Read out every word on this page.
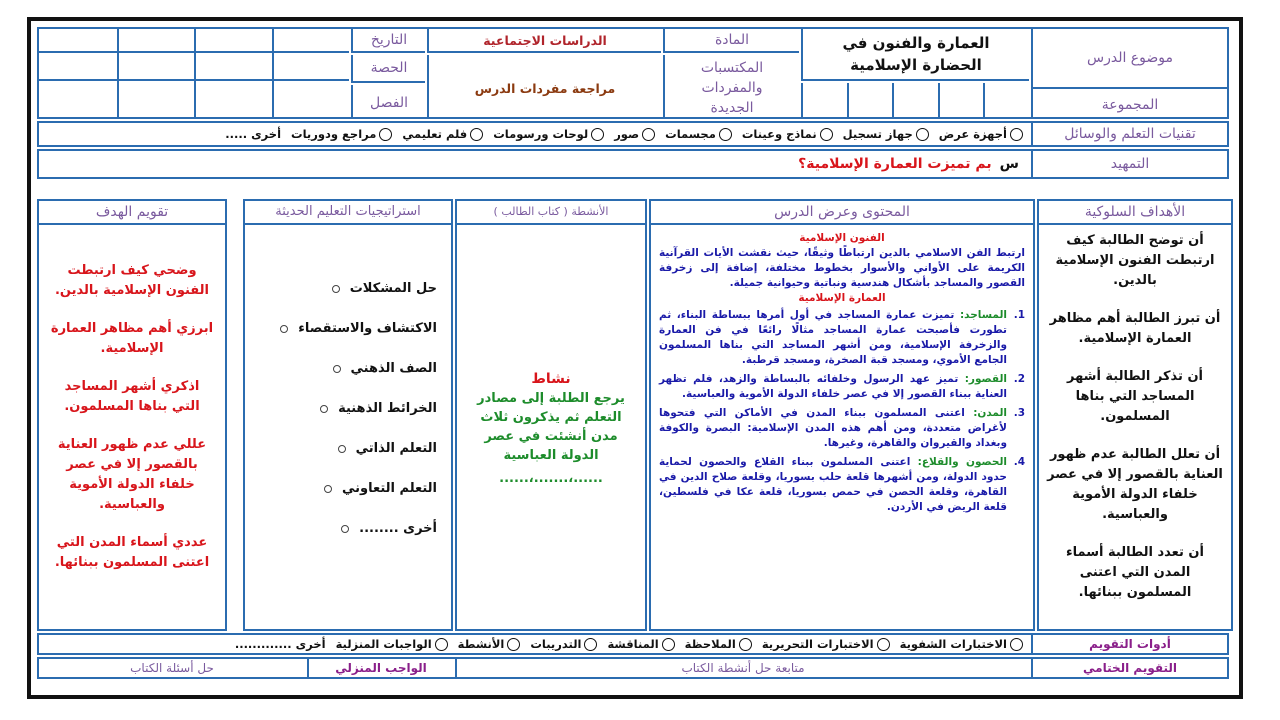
موضوع الدرس
المجموعة
العمارة والفنون في الحضارة الإسلامية
المادة
المكتسبات والمفردات الجديدة
الدراسات الاجتماعية
مراجعة مفردات الدرس
التاريخ
الحصة
الفصل
تقنيات التعلم والوسائل
أجهزة عرض
جهاز تسجيل
نماذج وعينات
مجسمات
صور
لوحات ورسومات
فلم تعليمي
مراجع ودوريات
أخرى .....
التمهيد
س
بم تميزت العمارة الإسلامية؟
الأهداف السلوكية

أن توضح الطالبة كيف ارتبطت الفنون الإسلامية بالدين.

أن تبرز الطالبة أهم مظاهر العمارة الإسلامية.

أن تذكر الطالبة أشهر المساجد التي بناها المسلمون.

أن تعلل الطالبة عدم ظهور العناية بالقصور إلا في عصر خلفاء الدولة الأموية والعباسية.

أن تعدد الطالبة أسماء المدن التي اعتنى المسلمون ببنائها.

المحتوى وعرض الدرس

الفنون الإسلامية

ارتبط الفن الاسلامي بالدين ارتباطًا وثيقًا، حيث نقشت الأيات القرآنية الكريمة على الأواني والأسوار بخطوط مختلفة، إضافة إلى زخرفة القصور والمساجد بأشكال هندسية ونباتية وحيوانية جميلة.

العمارة الإسلامية

1.

المساجد: تميزت عمارة المساجد في أول أمرها ببساطة البناء، ثم تطورت فأصبحت عمارة المساجد مثالًا رائعًا في فن العمارة والزخرفة الإسلامية، ومن أشهر المساجد التي بناها المسلمون الجامع الأموي، ومسجد قبة الصخرة، ومسجد قرطبة.

2.

القصور: تميز عهد الرسول وخلفائه بالبساطة والزهد، فلم تظهر العناية ببناء القصور إلا في عصر خلفاء الدولة الأموية والعباسية.

3.

المدن: اعتنى المسلمون ببناء المدن في الأماكن التي فتحوها لأغراض متعددة، ومن أهم هذه المدن الإسلامية: البصرة والكوفة وبغداد والقيروان والقاهرة، وغيرها.

4.

الحصون والقلاع: اعتنى المسلمون ببناء القلاع والحصون لحماية حدود الدولة، ومن أشهرها قلعة حلب بسوريا، وقلعة صلاح الدين في القاهرة، وقلعة الحصن في حمص بسوريا، قلعة عكا في فلسطين، قلعة الريض في الأردن.

الأنشطة ( كتاب الطالب )

نشاط

يرجع الطلبة إلى مصادر التعلم ثم يذكرون ثلاث مدن أنشئت في عصر الدولة العباسية

......،.......،......

استراتيجيات التعليم الحديثة
حل المشكلات
الاكتشاف والاستقصاء
الصف الذهني
الخرائط الذهنية
التعلم الذاتي
التعلم التعاوني
أخرى ........
تقويم الهدف

وضحي كيف ارتبطت الفنون الإسلامية بالدين.

ابرزي أهم مظاهر العمارة الإسلامية.

اذكري أشهر المساجد التي بناها المسلمون.

عللي عدم ظهور العناية بالقصور إلا في عصر خلفاء الدولة الأموية والعباسية.

عددي أسماء المدن التي اعتنى المسلمون ببنائها.

أدوات التقويم
الاختبارات الشفوية
الاختبارات التحريرية
الملاحظة
المناقشة
التدريبات
الأنشطة
الواجبات المنزلية
أخرى .............
التقويم الختامي
متابعة حل أنشطة الكتاب
الواجب المنزلي
حل أسئلة الكتاب
